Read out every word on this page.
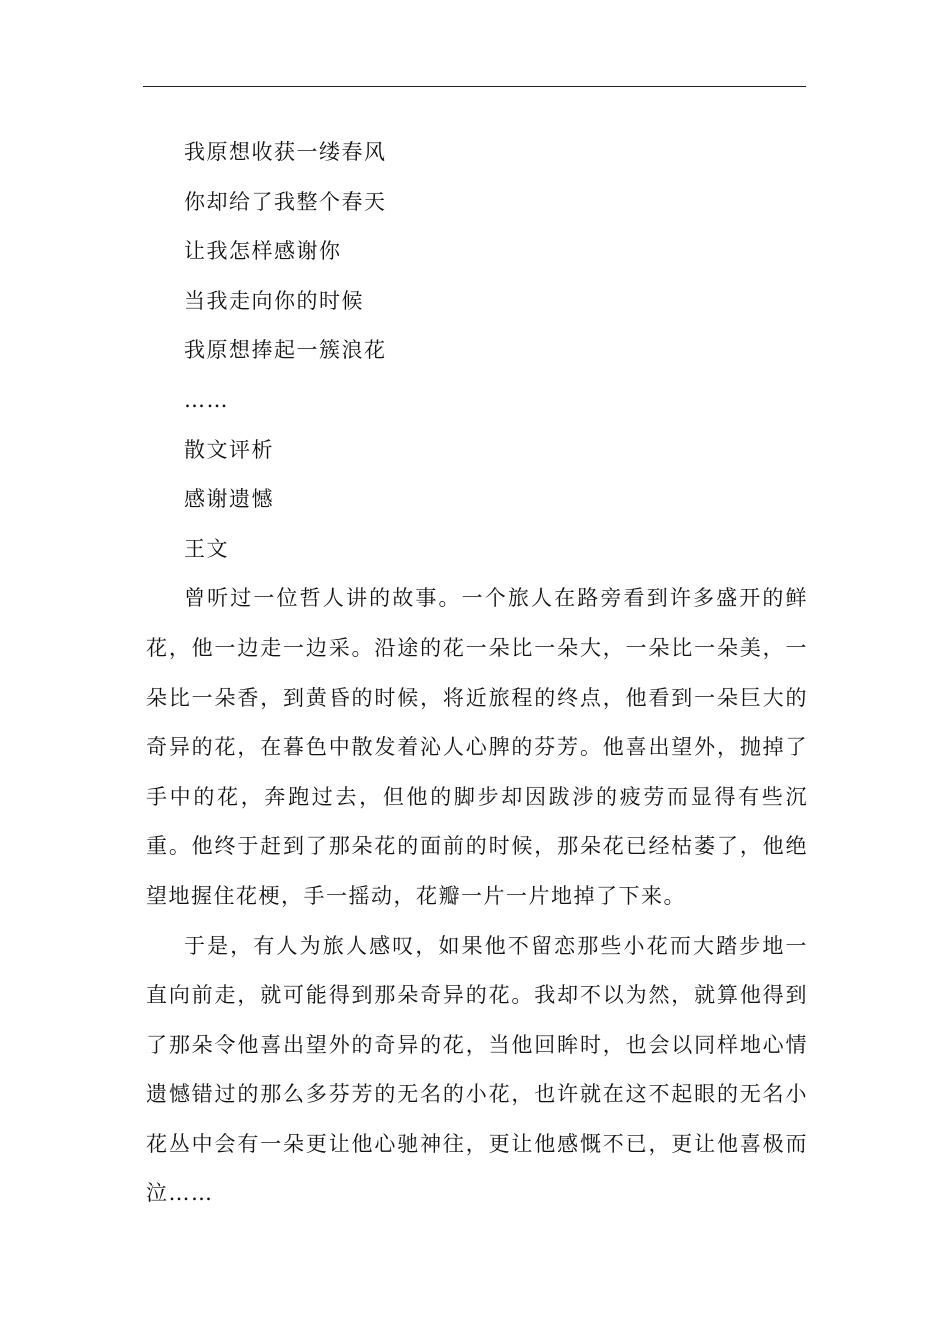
我原想收获一缕春风
你却给了我整个春天
让我怎样感谢你
当我走向你的时候
我原想捧起一簇浪花
……
散文评析
感谢遗憾
王文

曾听过一位哲人讲的故事。一个旅人在路旁看到许多盛开的鲜花，他一边走一边采。沿途的花一朵比一朵大，一朵比一朵美，一朵比一朵香，到黄昏的时候，将近旅程的终点，他看到一朵巨大的奇异的花，在暮色中散发着沁人心脾的芬芳。他喜出望外，抛掉了手中的花，奔跑过去，但他的脚步却因跋涉的疲劳而显得有些沉重。他终于赶到了那朵花的面前的时候，那朵花已经枯萎了，他绝望地握住花梗，手一摇动，花瓣一片一片地掉了下来。

于是，有人为旅人感叹，如果他不留恋那些小花而大踏步地一直向前走，就可能得到那朵奇异的花。我却不以为然，就算他得到了那朵令他喜出望外的奇异的花，当他回眸时，也会以同样地心情遗憾错过的那么多芬芳的无名的小花，也许就在这不起眼的无名小花丛中会有一朵更让他心驰神往，更让他感慨不已，更让他喜极而泣……
